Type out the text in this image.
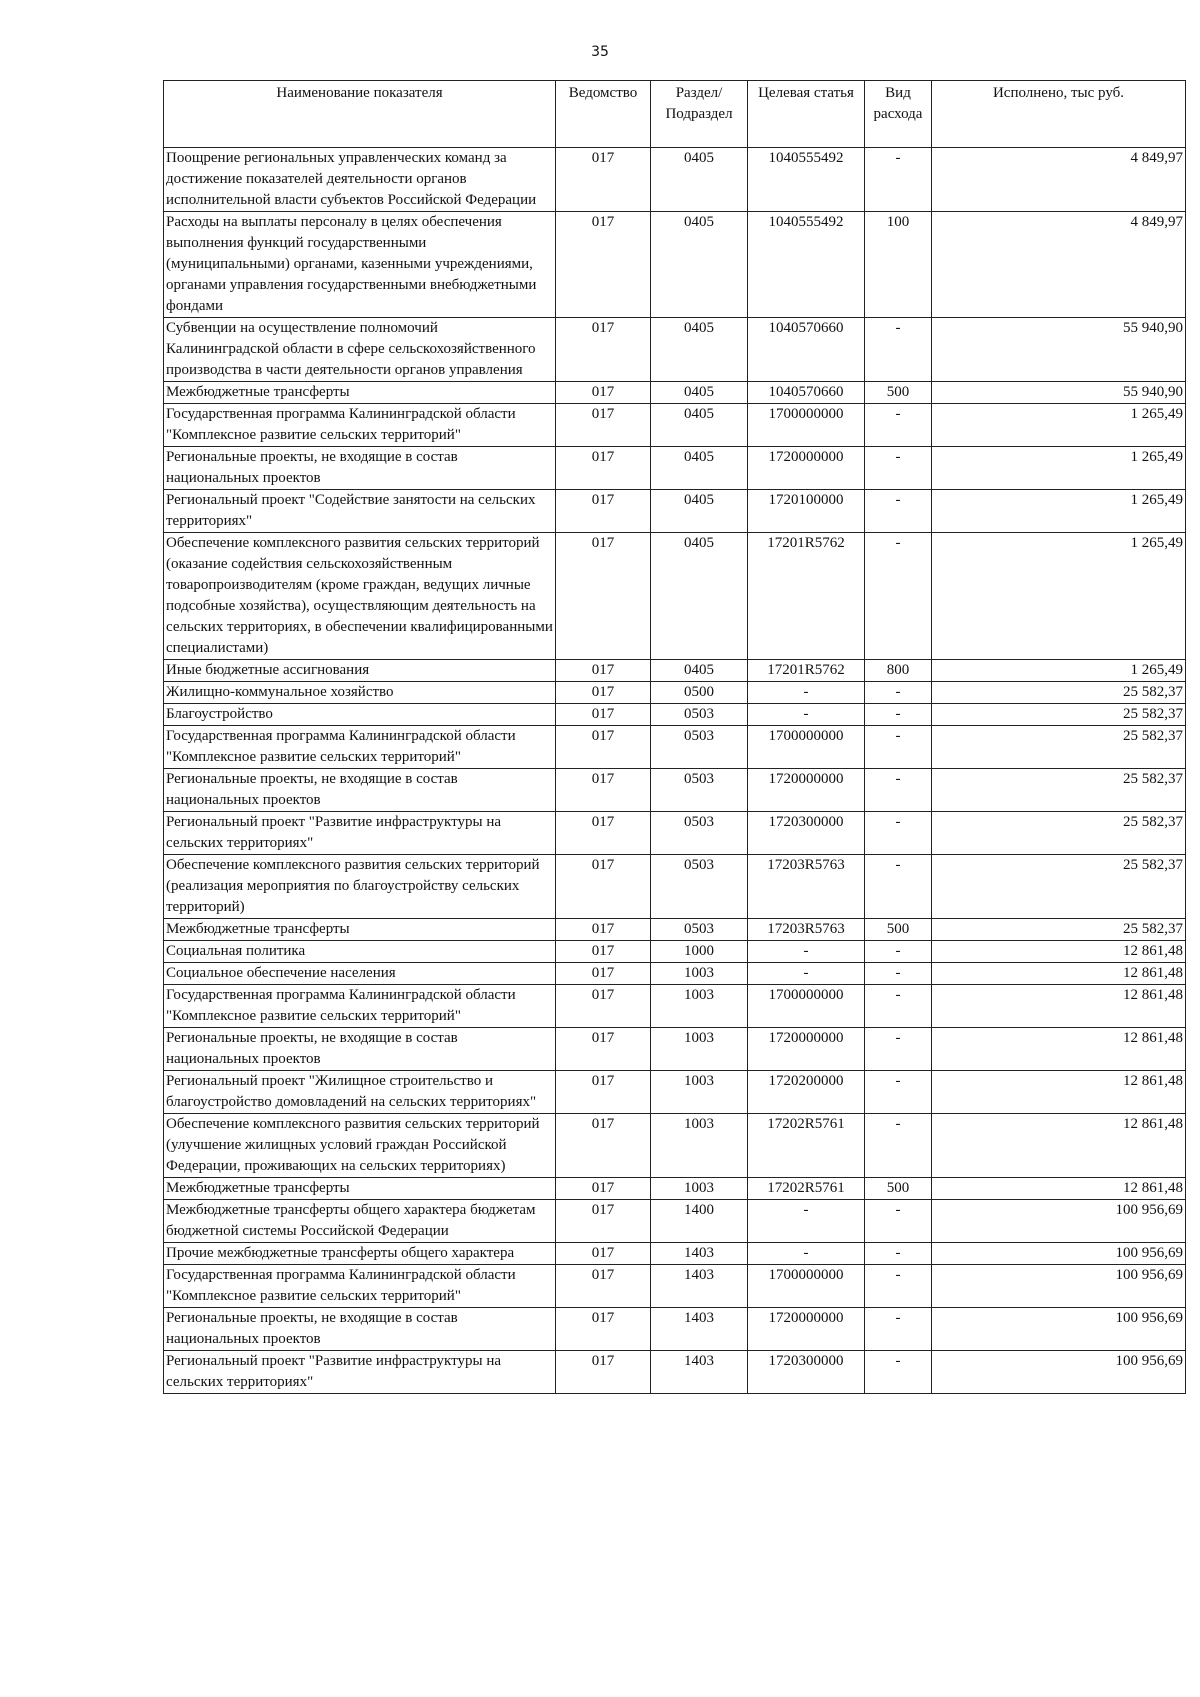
35
Наименование показателя	Ведомство	Раздел/ Подраздел	Целевая статья	Вид расхода	Исполнено, тыс руб.
Поощрение региональных управленческих команд за достижение показателей деятельности органов исполнительной власти субъектов Российской Федерации	017	0405	1040555492	-	4 849,97
Расходы на выплаты персоналу в целях обеспечения выполнения функций государственными (муниципальными) органами, казенными учреждениями, органами управления государственными внебюджетными фондами	017	0405	1040555492	100	4 849,97
Субвенции на осуществление полномочий Калининградской области в сфере сельскохозяйственного производства в части деятельности органов управления	017	0405	1040570660	-	55 940,90
Межбюджетные трансферты	017	0405	1040570660	500	55 940,90
Государственная программа Калининградской области "Комплексное развитие сельских территорий"	017	0405	1700000000	-	1 265,49
Региональные проекты, не входящие в состав национальных проектов	017	0405	1720000000	-	1 265,49
Региональный проект "Содействие занятости на сельских территориях"	017	0405	1720100000	-	1 265,49
Обеспечение комплексного развития сельских территорий (оказание содействия сельскохозяйственным товаропроизводителям (кроме граждан, ведущих личные подсобные хозяйства), осуществляющим деятельность на сельских территориях, в обеспечении квалифицированными специалистами)	017	0405	17201R5762	-	1 265,49
Иные бюджетные ассигнования	017	0405	17201R5762	800	1 265,49
Жилищно-коммунальное хозяйство	017	0500	-	-	25 582,37
Благоустройство	017	0503	-	-	25 582,37
Государственная программа Калининградской области "Комплексное развитие сельских территорий"	017	0503	1700000000	-	25 582,37
Региональные проекты, не входящие в состав национальных проектов	017	0503	1720000000	-	25 582,37
Региональный проект "Развитие инфраструктуры на сельских территориях"	017	0503	1720300000	-	25 582,37
Обеспечение комплексного развития сельских территорий (реализация мероприятия по благоустройству сельских территорий)	017	0503	17203R5763	-	25 582,37
Межбюджетные трансферты	017	0503	17203R5763	500	25 582,37
Социальная политика	017	1000	-	-	12 861,48
Социальное обеспечение населения	017	1003	-	-	12 861,48
Государственная программа Калининградской области "Комплексное развитие сельских территорий"	017	1003	1700000000	-	12 861,48
Региональные проекты, не входящие в состав национальных проектов	017	1003	1720000000	-	12 861,48
Региональный проект "Жилищное строительство и благоустройство домовладений на сельских территориях"	017	1003	1720200000	-	12 861,48
Обеспечение комплексного развития сельских территорий (улучшение жилищных условий граждан Российской Федерации, проживающих на сельских территориях)	017	1003	17202R5761	-	12 861,48
Межбюджетные трансферты	017	1003	17202R5761	500	12 861,48
Межбюджетные трансферты общего характера бюджетам бюджетной системы Российской Федерации	017	1400	-	-	100 956,69
Прочие межбюджетные трансферты общего характера	017	1403	-	-	100 956,69
Государственная программа Калининградской области "Комплексное развитие сельских территорий"	017	1403	1700000000	-	100 956,69
Региональные проекты, не входящие в состав национальных проектов	017	1403	1720000000	-	100 956,69
Региональный проект "Развитие инфраструктуры на сельских территориях"	017	1403	1720300000	-	100 956,69
